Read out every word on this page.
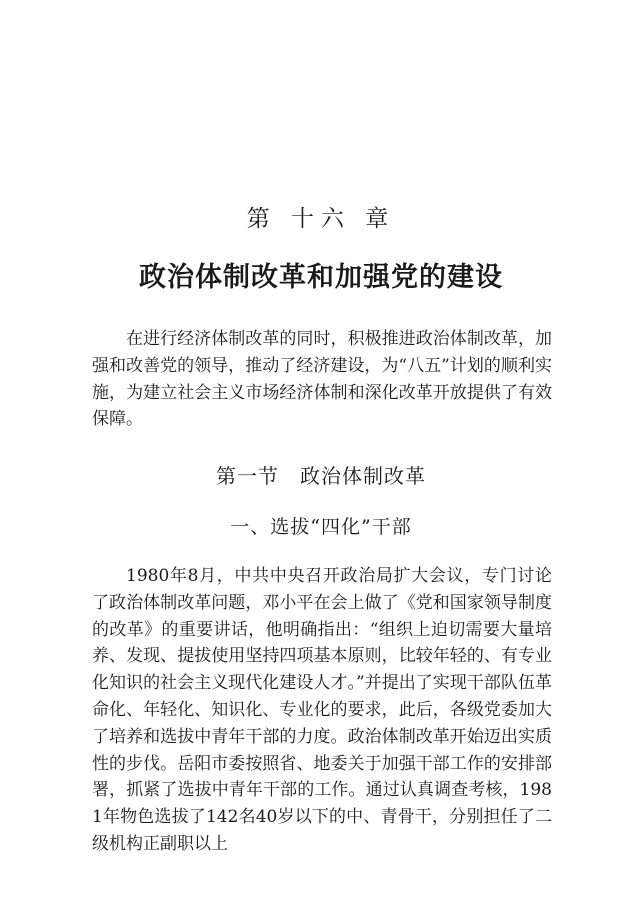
第 十六 章
政治体制改革和加强党的建设

在进行经济体制改革的同时，积极推进政治体制改革，加强和改善党的领导，推动了经济建设，为“八五”计划的顺利实施，为建立社会主义市场经济体制和深化改革开放提供了有效保障。

第一节　政治体制改革
一、选拔“四化”干部

1980年8月，中共中央召开政治局扩大会议，专门讨论了政治体制改革问题，邓小平在会上做了《党和国家领导制度的改革》的重要讲话，他明确指出：“组织上迫切需要大量培养、发现、提拔使用坚持四项基本原则，比较年轻的、有专业化知识的社会主义现代化建设人才。”并提出了实现干部队伍革命化、年轻化、知识化、专业化的要求，此后，各级党委加大了培养和选拔中青年干部的力度。政治体制改革开始迈出实质性的步伐。岳阳市委按照省、地委关于加强干部工作的安排部署，抓紧了选拔中青年干部的工作。通过认真调查考核，1981年物色选拔了142名40岁以下的中、青骨干，分别担任了二级机构正副职以上
